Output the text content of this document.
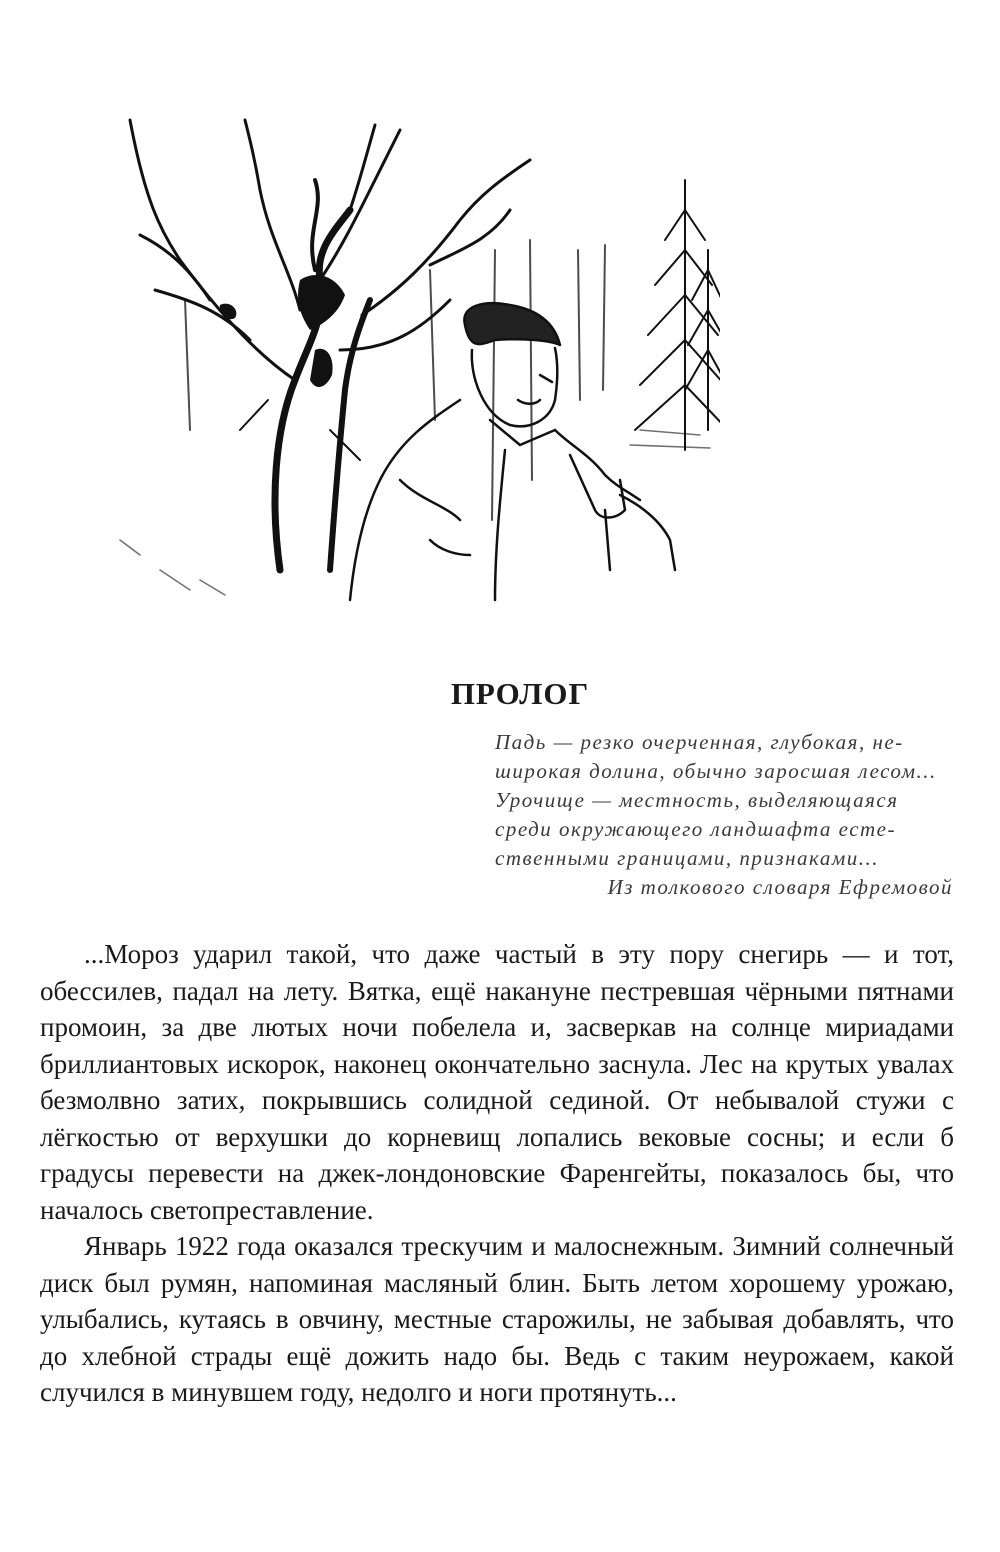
ПРОЛОГ

Падь — резко очерченная, глубокая, не-

широкая долина, обычно заросшая лесом...

Урочище — местность, выделяющаяся

среди окружающего ландшафта есте-

ственными границами, признаками...

Из толкового словаря Ефремовой

...Мороз ударил такой, что даже частый в эту пору снегирь — и тот, обессилев, падал на лету. Вятка, ещё накануне пестревшая чёрными пятнами промоин, за две лютых ночи побелела и, засверкав на солнце мириадами бриллиантовых искорок, наконец окончательно заснула. Лес на крутых увалах безмолвно затих, покрывшись солидной сединой. От небывалой стужи с лёгкостью от верхушки до корневищ лопались вековые сосны; и если б градусы перевести на джек-лондоновские Фаренгейты, показалось бы, что началось светопреставление.

Январь 1922 года оказался трескучим и малоснежным. Зимний солнечный диск был румян, напоминая масляный блин. Быть летом хорошему урожаю, улыбались, кутаясь в овчину, местные старожилы, не забывая добавлять, что до хлебной страды ещё дожить надо бы. Ведь с таким неурожаем, какой случился в минувшем году, недолго и ноги протянуть...
